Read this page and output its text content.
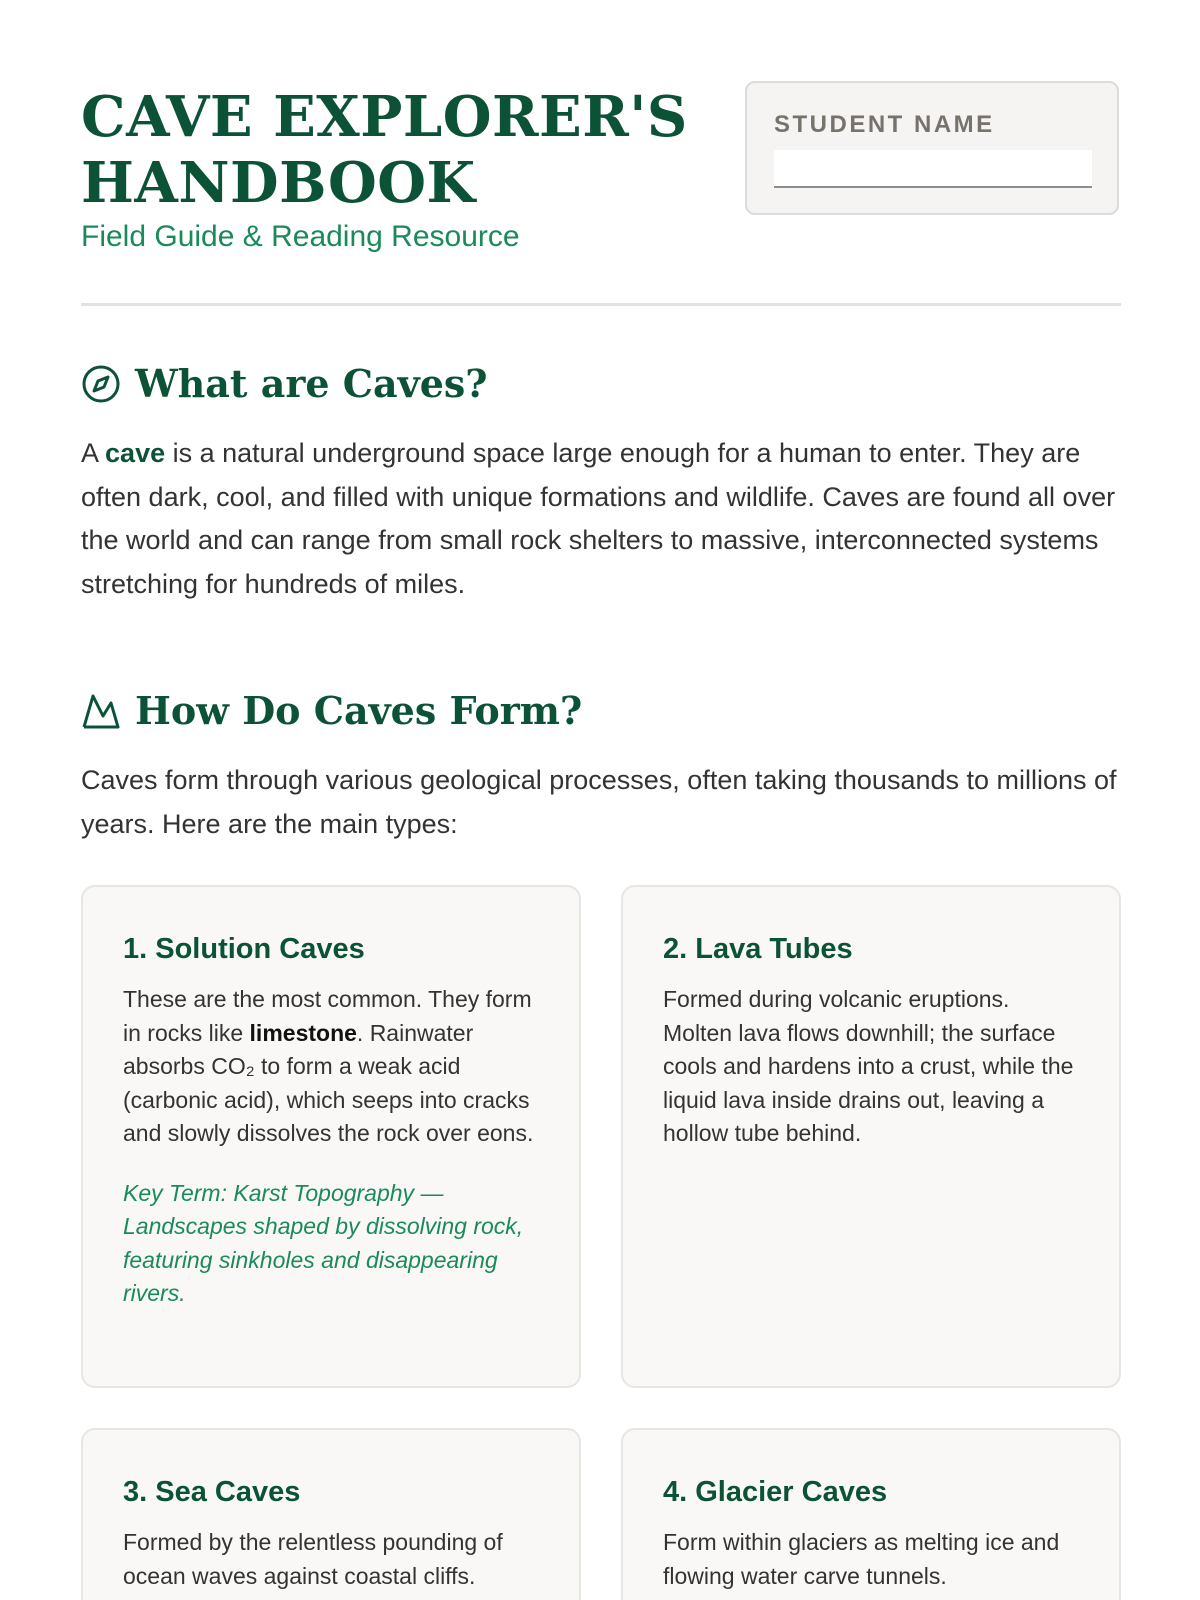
CAVE EXPLORER'S
HANDBOOK
Field Guide & Reading Resource
STUDENT NAME
What are Caves?

A cave is a natural underground space large enough for a human to enter. They are often dark, cool, and filled with unique formations and wildlife. Caves are found all over the world and can range from small rock shelters to massive, interconnected systems stretching for hundreds of miles.

How Do Caves Form?

Caves form through various geological processes, often taking thousands to millions of years. Here are the main types:

1. Solution Caves

These are the most common. They form in rocks like limestone. Rainwater absorbs CO₂ to form a weak acid (carbonic acid), which seeps into cracks and slowly dissolves the rock over eons.

Key Term: Karst Topography — Landscapes shaped by dissolving rock, featuring sinkholes and disappearing rivers.

2. Lava Tubes

Formed during volcanic eruptions. Molten lava flows downhill; the surface cools and hardens into a crust, while the liquid lava inside drains out, leaving a hollow tube behind.

3. Sea Caves

Formed by the relentless pounding of ocean waves against coastal cliffs.

4. Glacier Caves

Form within glaciers as melting ice and flowing water carve tunnels.
